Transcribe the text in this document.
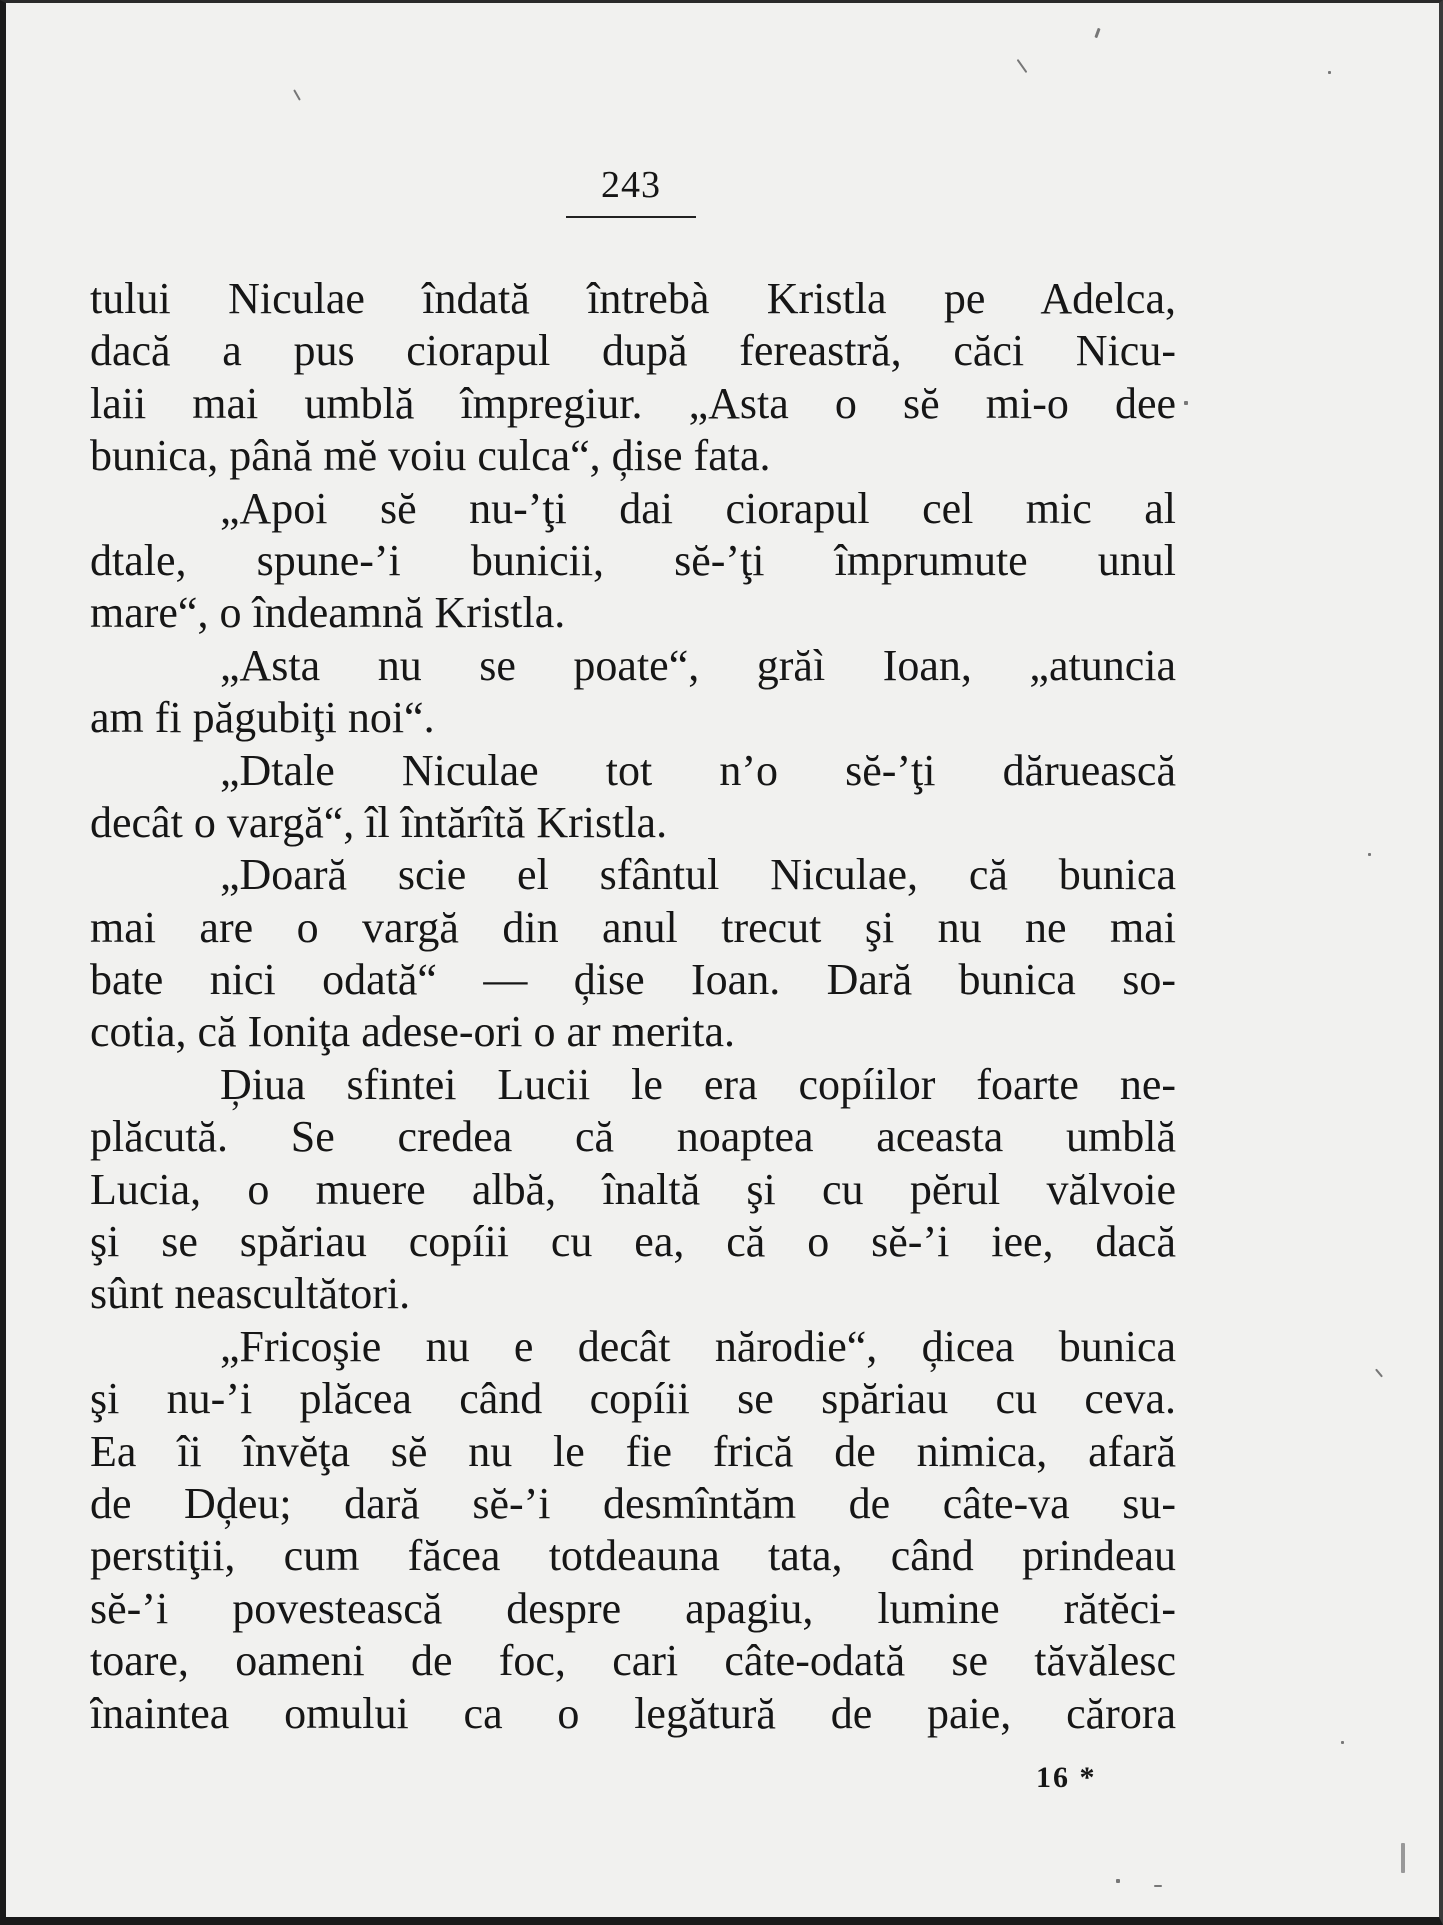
243
tului Niculae îndată întrebà Kristla pe Adelca,
dacă a pus ciorapul după fereastră, căci Nicu-
laii mai umblă împregiur. „Asta o sĕ mi-o dee
bunica, până mĕ voiu culca“, ḑise fata.
„Apoi sĕ nu-’ţi dai ciorapul cel mic al
dtale, spune-’i bunicii, sĕ-’ţi împrumute unul
mare“, o îndeamnă Kristla.
„Asta nu se poate“, grăì Ioan, „atuncia
am fi păgubiţi noi“.
„Dtale Niculae tot n’o sĕ-’ţi dăruească
decât o vargă“, îl întărîtă Kristla.
„Doară scie el sfântul Niculae, că bunica
mai are o vargă din anul trecut şi nu ne mai
bate nici odată“ — ḑise Ioan. Dară bunica so-
cotia, că Ioniţa adese-ori o ar merita.
Ḑiua sfintei Lucii le era copíilor foarte ne-
plăcută. Se credea că noaptea aceasta umblă
Lucia, o muere albă, înaltă şi cu pĕrul vălvoie
şi se spăriau copíii cu ea, că o sĕ-’i iee, dacă
sûnt neascultători.
„Fricoşie nu e decât nărodie“, ḑicea bunica
şi nu-’i plăcea când copíii se spăriau cu ceva.
Ea îi învĕţa sĕ nu le fie frică de nimica, afară
de Dḑeu; dară sĕ-’i desmîntăm de câte-va su-
perstiţii, cum făcea totdeauna tata, când prindeau
sĕ-’i povestească despre apagiu, lumine rătĕci-
toare, oameni de foc, cari câte-odată se tăvălesc
înaintea omului ca o legătură de paie, cărora
16 *
